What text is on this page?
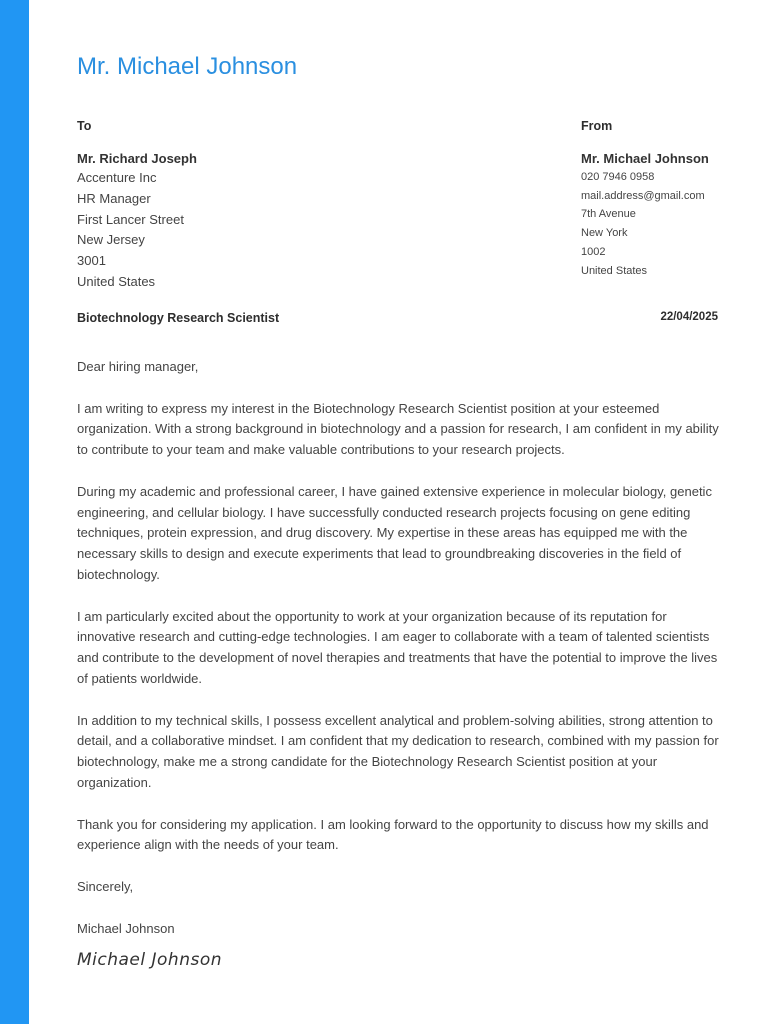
Mr. Michael Johnson
To
Mr. Richard Joseph
Accenture Inc
HR Manager
First Lancer Street
New Jersey
3001
United States
From
Mr. Michael Johnson
020 7946 0958
mail.address@gmail.com
7th Avenue
New York
1002
United States
Biotechnology Research Scientist	22/04/2025

Dear hiring manager,

I am writing to express my interest in the Biotechnology Research Scientist position at your esteemed organization. With a strong background in biotechnology and a passion for research, I am confident in my ability to contribute to your team and make valuable contributions to your research projects.

During my academic and professional career, I have gained extensive experience in molecular biology, genetic engineering, and cellular biology. I have successfully conducted research projects focusing on gene editing techniques, protein expression, and drug discovery. My expertise in these areas has equipped me with the necessary skills to design and execute experiments that lead to groundbreaking discoveries in the field of biotechnology.

I am particularly excited about the opportunity to work at your organization because of its reputation for innovative research and cutting-edge technologies. I am eager to collaborate with a team of talented scientists and contribute to the development of novel therapies and treatments that have the potential to improve the lives of patients worldwide.

In addition to my technical skills, I possess excellent analytical and problem-solving abilities, strong attention to detail, and a collaborative mindset. I am confident that my dedication to research, combined with my passion for biotechnology, make me a strong candidate for the Biotechnology Research Scientist position at your organization.

Thank you for considering my application. I am looking forward to the opportunity to discuss how my skills and experience align with the needs of your team.

Sincerely,

Michael Johnson

Michael Johnson
